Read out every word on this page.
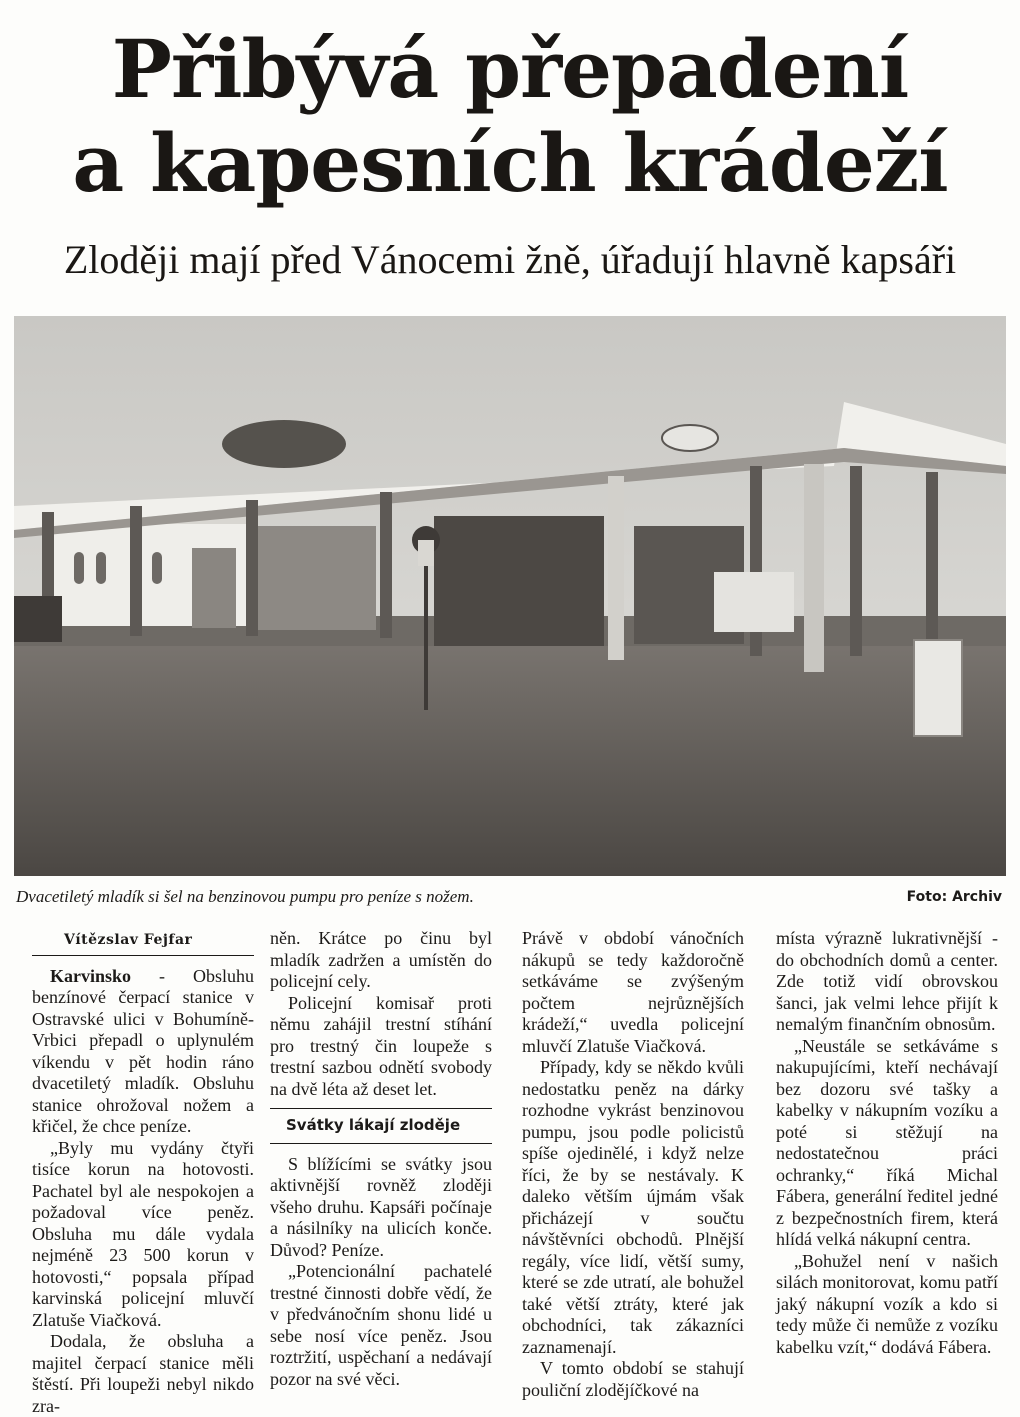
Přibývá přepadení
a kapesních krádeží
Zloději mají před Vánocemi žně, úřadují hlavně kapsáři
Dvacetiletý mladík si šel na benzinovou pumpu pro peníze s nožem.	Foto: Archiv
Vítězslav Fejfar

Karvinsko - Obsluhu benzínové čerpací stanice v Ostravské ulici v Bohumíně-Vrbici přepadl o uplynulém víkendu v pět hodin ráno dvacetiletý mladík. Obsluhu stanice ohrožoval nožem a křičel, že chce peníze.

„Byly mu vydány čtyři tisíce korun na hotovosti. Pachatel byl ale nespokojen a požadoval více peněz. Obsluha mu dále vydala nejméně 23 500 korun v hotovosti,“ popsala případ karvinská policejní mluvčí Zlatuše Viačková.

Dodala, že obsluha a majitel čerpací stanice měli štěstí. Při loupeži nebyl nikdo zra-

něn. Krátce po činu byl mladík zadržen a umístěn do policejní cely.

Policejní komisař proti němu zahájil trestní stíhání pro trestný čin loupeže s trestní sazbou odnětí svobody na dvě léta až deset let.

Svátky lákají zloděje

S blížícími se svátky jsou aktivnější rovněž zloději všeho druhu. Kapsáři počínaje a násilníky na ulicích konče. Důvod? Peníze.

„Potencionální pachatelé trestné činnosti dobře vědí, že v předvánočním shonu lidé u sebe nosí více peněz. Jsou roztržití, uspěchaní a nedávají pozor na své věci.

Právě v období vánočních nákupů se tedy každoročně setkáváme se zvýšeným počtem nejrůznějších krádeží,“ uvedla policejní mluvčí Zlatuše Viačková.

Případy, kdy se někdo kvůli nedostatku peněz na dárky rozhodne vykrást benzinovou pumpu, jsou podle policistů spíše ojedinělé, i když nelze říci, že by se nestávaly. K daleko větším újmám však přicházejí v součtu návštěvníci obchodů. Plnější regály, více lidí, větší sumy, které se zde utratí, ale bohužel také větší ztráty, které jak obchodníci, tak zákazníci zaznamenají.

V tomto období se stahují pouliční zlodějíčkové na

místa výrazně lukrativnější - do obchodních domů a center. Zde totiž vidí obrovskou šanci, jak velmi lehce přijít k nemalým finančním obnosům.

„Neustále se setkáváme s nakupujícími, kteří nechávají bez dozoru své tašky a kabelky v nákupním vozíku a poté si stěžují na nedostatečnou práci ochranky,“ říká Michal Fábera, generální ředitel jedné z bezpečnostních firem, která hlídá velká nákupní centra.

„Bohužel není v našich silách monitorovat, komu patří jaký nákupní vozík a kdo si tedy může či nemůže z vozíku kabelku vzít,“ dodává Fábera.
